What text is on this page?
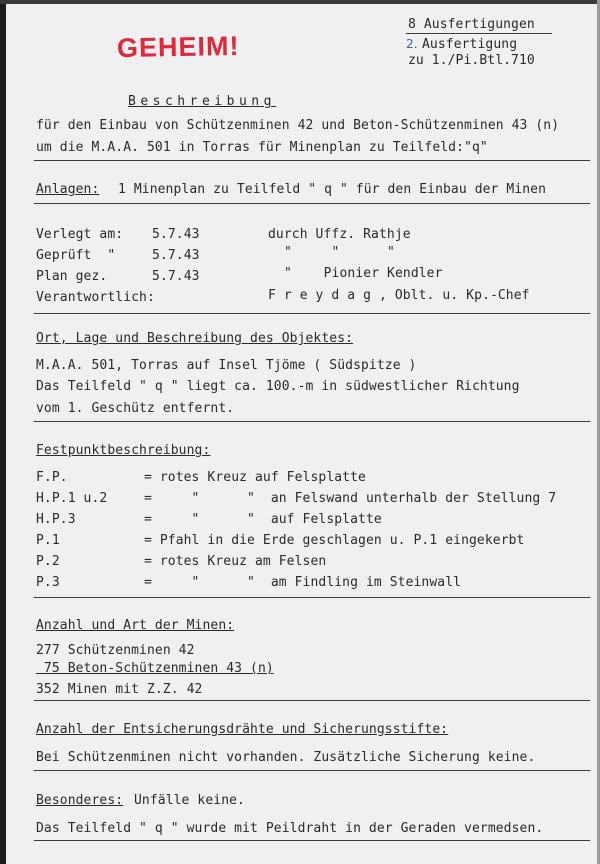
8 Ausfertigungen
2. Ausfertigung
zu 1./Pi.Btl.710
GEHEIM!
Beschreibung
für den Einbau von Schützenminen 42 und Beton-Schützenminen 43 (n)
um die M.A.A. 501 in Torras für Minenplan zu Teilfeld:"q"
Anlagen: 1 Minenplan zu Teilfeld " q " für den Einbau der Minen
Verlegt am: 5.7.43	durch Uffz. Rathje
Geprüft  "	5.7.43	"     "      "
Plan gez.	5.7.43	"    Pionier Kendler
Verantwortlich:	F r e y d a g , Oblt. u. Kp.-Chef
Ort, Lage und Beschreibung des Objektes:
M.A.A. 501, Torras auf Insel Tjöme ( Südspitze )
Das Teilfeld " q " liegt ca. 100.-m in südwestlicher Richtung
vom 1. Geschütz entfernt.
Festpunktbeschreibung:
F.P.	= rotes Kreuz auf Felsplatte
H.P.1 u.2	=     "      "  an Felswand unterhalb der Stellung 7
H.P.3	=     "      "  auf Felsplatte
P.1	= Pfahl in die Erde geschlagen u. P.1 eingekerbt
P.2	= rotes Kreuz am Felsen
P.3	=     "      "  am Findling im Steinwall
Anzahl und Art der Minen:
277 Schützenminen 42
75 Beton-Schützenminen 43 (n)
352 Minen mit Z.Z. 42
Anzahl der Entsicherungsdrähte und Sicherungsstifte:
Bei Schützenminen nicht vorhanden. Zusätzliche Sicherung keine.
Besonderes: Unfälle keine.
Das Teilfeld " q " wurde mit Peildraht in der Geraden vermedsen.
